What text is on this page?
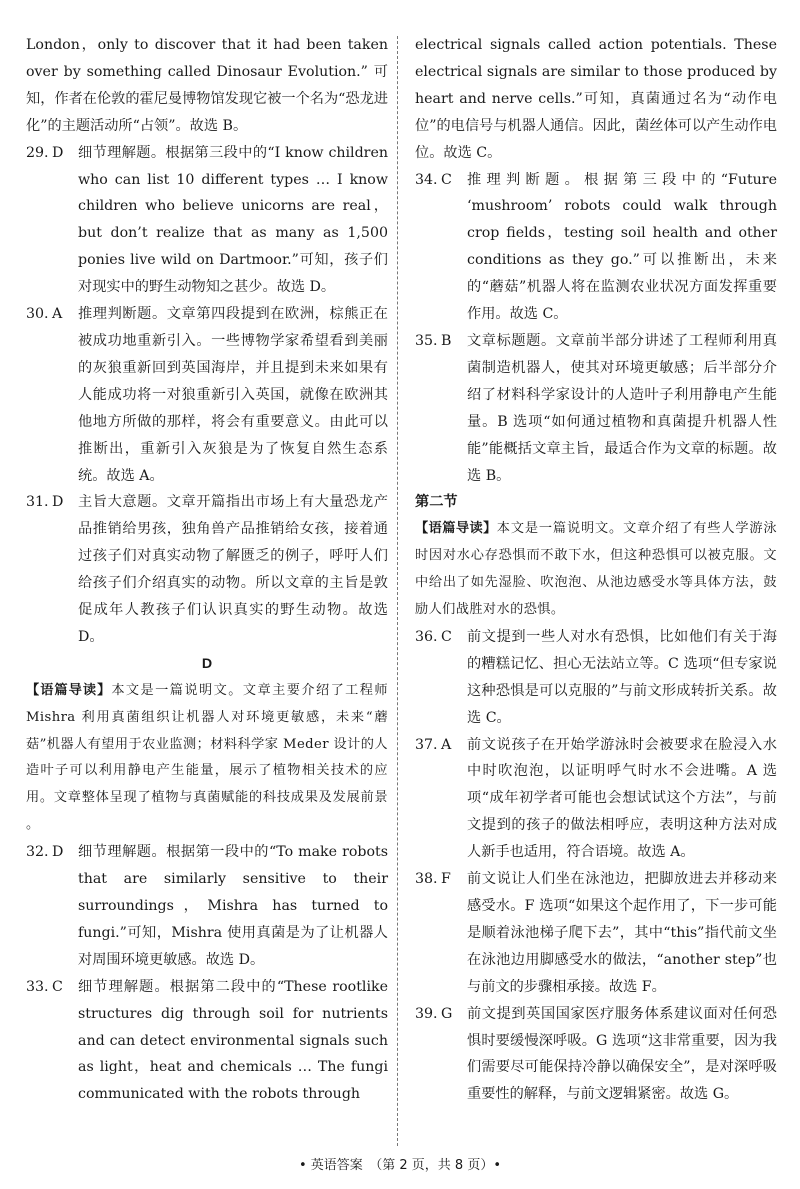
London，only to discover that it had been taken over by something called Dinosaur Evolution.” 可知，作者在伦敦的霍尼曼博物馆发现它被一个名为“恐龙进化”的主题活动所“占领”。故选 B。

29. D	细节理解题。根据第三段中的“I know children who can list 10 different types … I know children who believe unicorns are real，but don’t realize that as many as 1,500 ponies live wild on Dartmoor.”可知，孩子们对现实中的野生动物知之甚少。故选 D。

30. A	推理判断题。文章第四段提到在欧洲，棕熊正在被成功地重新引入。一些博物学家希望看到美丽的灰狼重新回到英国海岸，并且提到未来如果有人能成功将一对狼重新引入英国，就像在欧洲其他地方所做的那样，将会有重要意义。由此可以推断出，重新引入灰狼是为了恢复自然生态系统。故选 A。

31. D	主旨大意题。文章开篇指出市场上有大量恐龙产品推销给男孩，独角兽产品推销给女孩，接着通过孩子们对真实动物了解匮乏的例子，呼吁人们给孩子们介绍真实的动物。所以文章的主旨是敦促成年人教孩子们认识真实的野生动物。故选 D。

D

【语篇导读】本文是一篇说明文。文章主要介绍了工程师 Mishra 利用真菌组织让机器人对环境更敏感，未来“蘑菇”机器人有望用于农业监测；材料科学家 Meder 设计的人造叶子可以利用静电产生能量，展示了植物相关技术的应用。文章整体呈现了植物与真菌赋能的科技成果及发展前景 。

32. D	细节理解题。根据第一段中的“To make robots that are similarly sensitive to their surroundings，Mishra has turned to fungi.”可知，Mishra 使用真菌是为了让机器人对周围环境更敏感。故选 D。

33. C	细节理解题。根据第二段中的“These rootlike structures dig through soil for nutrients and can detect environmental signals such as light，heat and chemicals … The fungi communicated with the robots through

electrical signals called action potentials. These electrical signals are similar to those produced by heart and nerve cells.”可知，真菌通过名为“动作电位”的电信号与机器人通信。因此，菌丝体可以产生动作电位。故选 C。

34. C	推理判断题。根据第三段中的“Future ‘mushroom’ robots could walk through crop fields，testing soil health and other conditions as they go.”可以推断出，未来的“蘑菇”机器人将在监测农业状况方面发挥重要作用。故选 C。

35. B	文章标题题。文章前半部分讲述了工程师利用真菌制造机器人，使其对环境更敏感；后半部分介绍了材料科学家设计的人造叶子利用静电产生能量。B 选项“如何通过植物和真菌提升机器人性能”能概括文章主旨，最适合作为文章的标题。故选 B。

第二节

【语篇导读】本文是一篇说明文。文章介绍了有些人学游泳时因对水心存恐惧而不敢下水，但这种恐惧可以被克服。文中给出了如先湿脸、吹泡泡、从池边感受水等具体方法，鼓励人们战胜对水的恐惧。

36. C	前文提到一些人对水有恐惧，比如他们有关于海的糟糕记忆、担心无法站立等。C 选项“但专家说这种恐惧是可以克服的”与前文形成转折关系。故选 C。

37. A	前文说孩子在开始学游泳时会被要求在脸浸入水中时吹泡泡，以证明呼气时水不会进嘴。A 选项“成年初学者可能也会想试试这个方法”，与前文提到的孩子的做法相呼应，表明这种方法对成人新手也适用，符合语境。故选 A。

38. F	前文说让人们坐在泳池边，把脚放进去并移动来感受水。F 选项“如果这个起作用了，下一步可能是顺着泳池梯子爬下去”，其中“this”指代前文坐在泳池边用脚感受水的做法，“another step”也与前文的步骤相承接。故选 F。

39. G	前文提到英国国家医疗服务体系建议面对任何恐惧时要缓慢深呼吸。G 选项“这非常重要，因为我们需要尽可能保持冷静以确保安全”，是对深呼吸重要性的解释，与前文逻辑紧密。故选 G。

• 英语答案　（第 2 页，共 8 页）•
